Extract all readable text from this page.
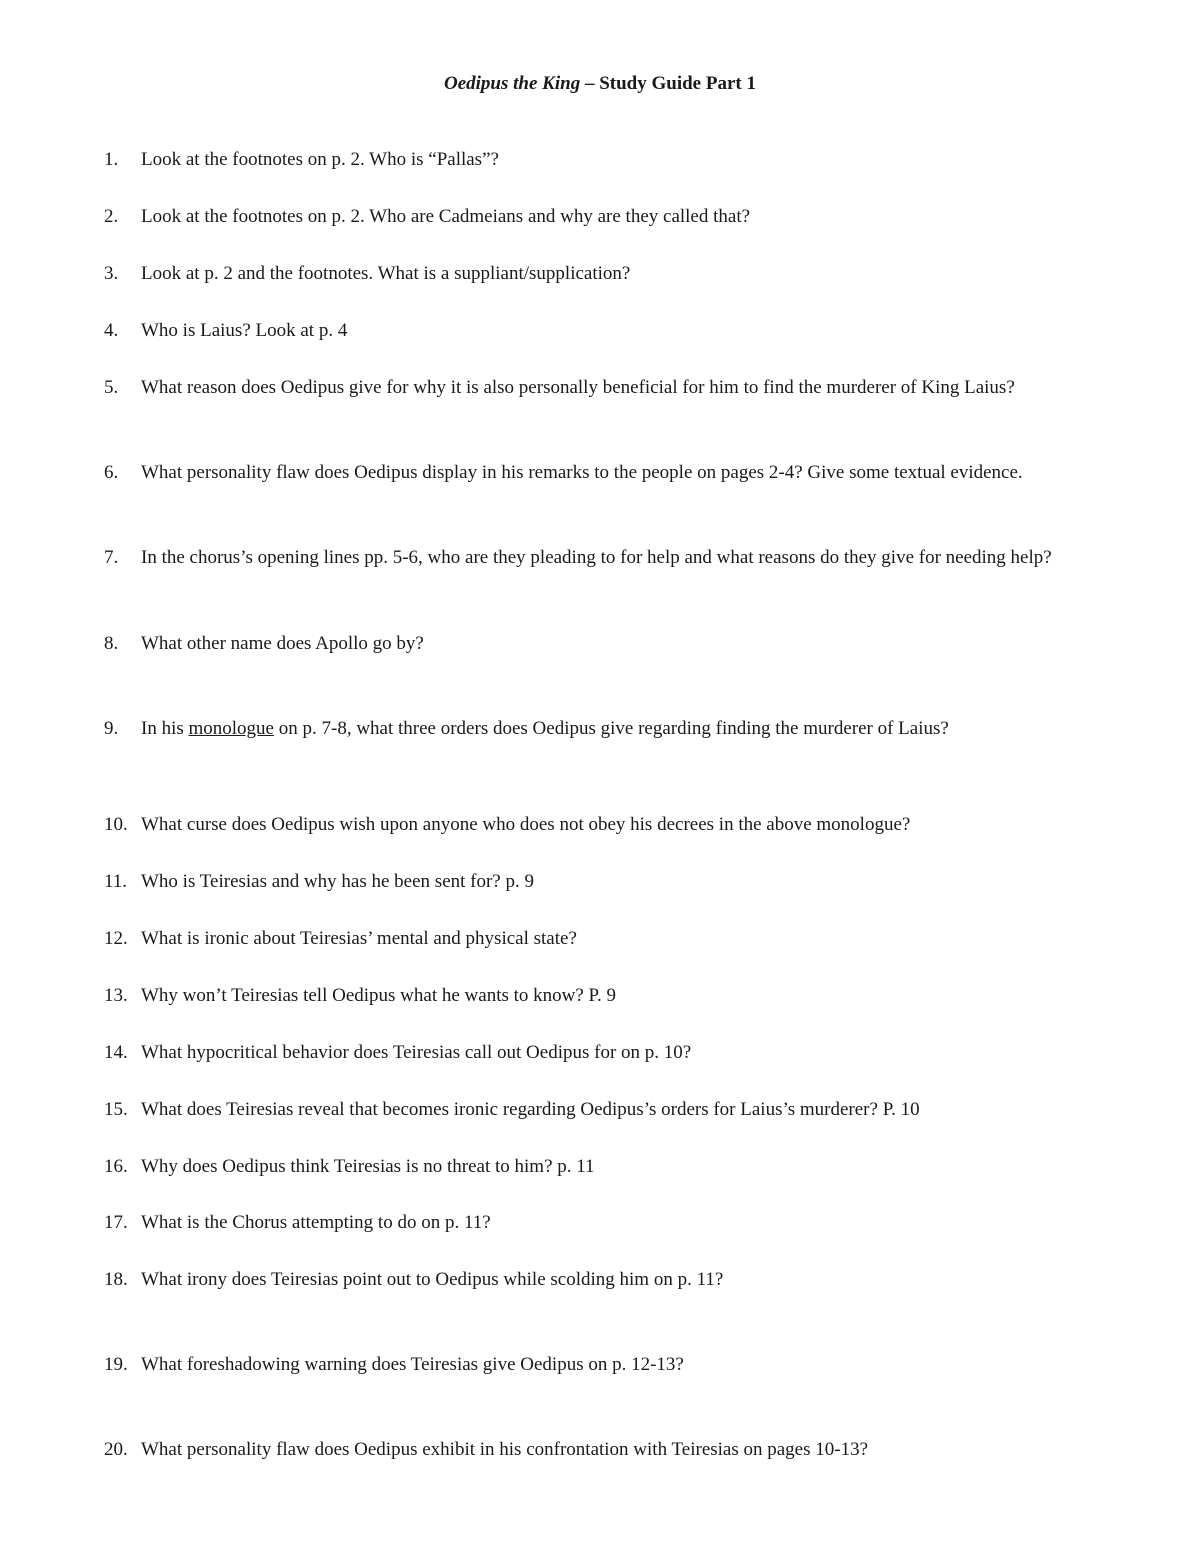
Oedipus the King – Study Guide Part 1

1.	Look at the footnotes on p. 2. Who is “Pallas”?

2.	Look at the footnotes on p. 2. Who are Cadmeians and why are they called that?

3.	Look at p. 2 and the footnotes. What is a suppliant/supplication?

4.	Who is Laius? Look at p. 4

5.	What reason does Oedipus give for why it is also personally beneficial for him to find the murderer of King Laius?

6.	What personality flaw does Oedipus display in his remarks to the people on pages 2-4? Give some textual evidence.

7.	In the chorus’s opening lines pp. 5-6, who are they pleading to for help and what reasons do they give for needing help?

8.	What other name does Apollo go by?

9.	In his monologue on p. 7-8, what three orders does Oedipus give regarding finding the murderer of Laius?

10. What curse does Oedipus wish upon anyone who does not obey his decrees in the above monologue?

11. Who is Teiresias and why has he been sent for? p. 9

12. What is ironic about Teiresias’ mental and physical state?

13. Why won’t Teiresias tell Oedipus what he wants to know? P. 9

14. What hypocritical behavior does Teiresias call out Oedipus for on p. 10?

15. What does Teiresias reveal that becomes ironic regarding Oedipus’s orders for Laius’s murderer? P. 10

16. Why does Oedipus think Teiresias is no threat to him? p. 11

17. What is the Chorus attempting to do on p. 11?

18. What irony does Teiresias point out to Oedipus while scolding him on p. 11?

19. What foreshadowing warning does Teiresias give Oedipus on p. 12-13?

20. What personality flaw does Oedipus exhibit in his confrontation with Teiresias on pages 10-13?
